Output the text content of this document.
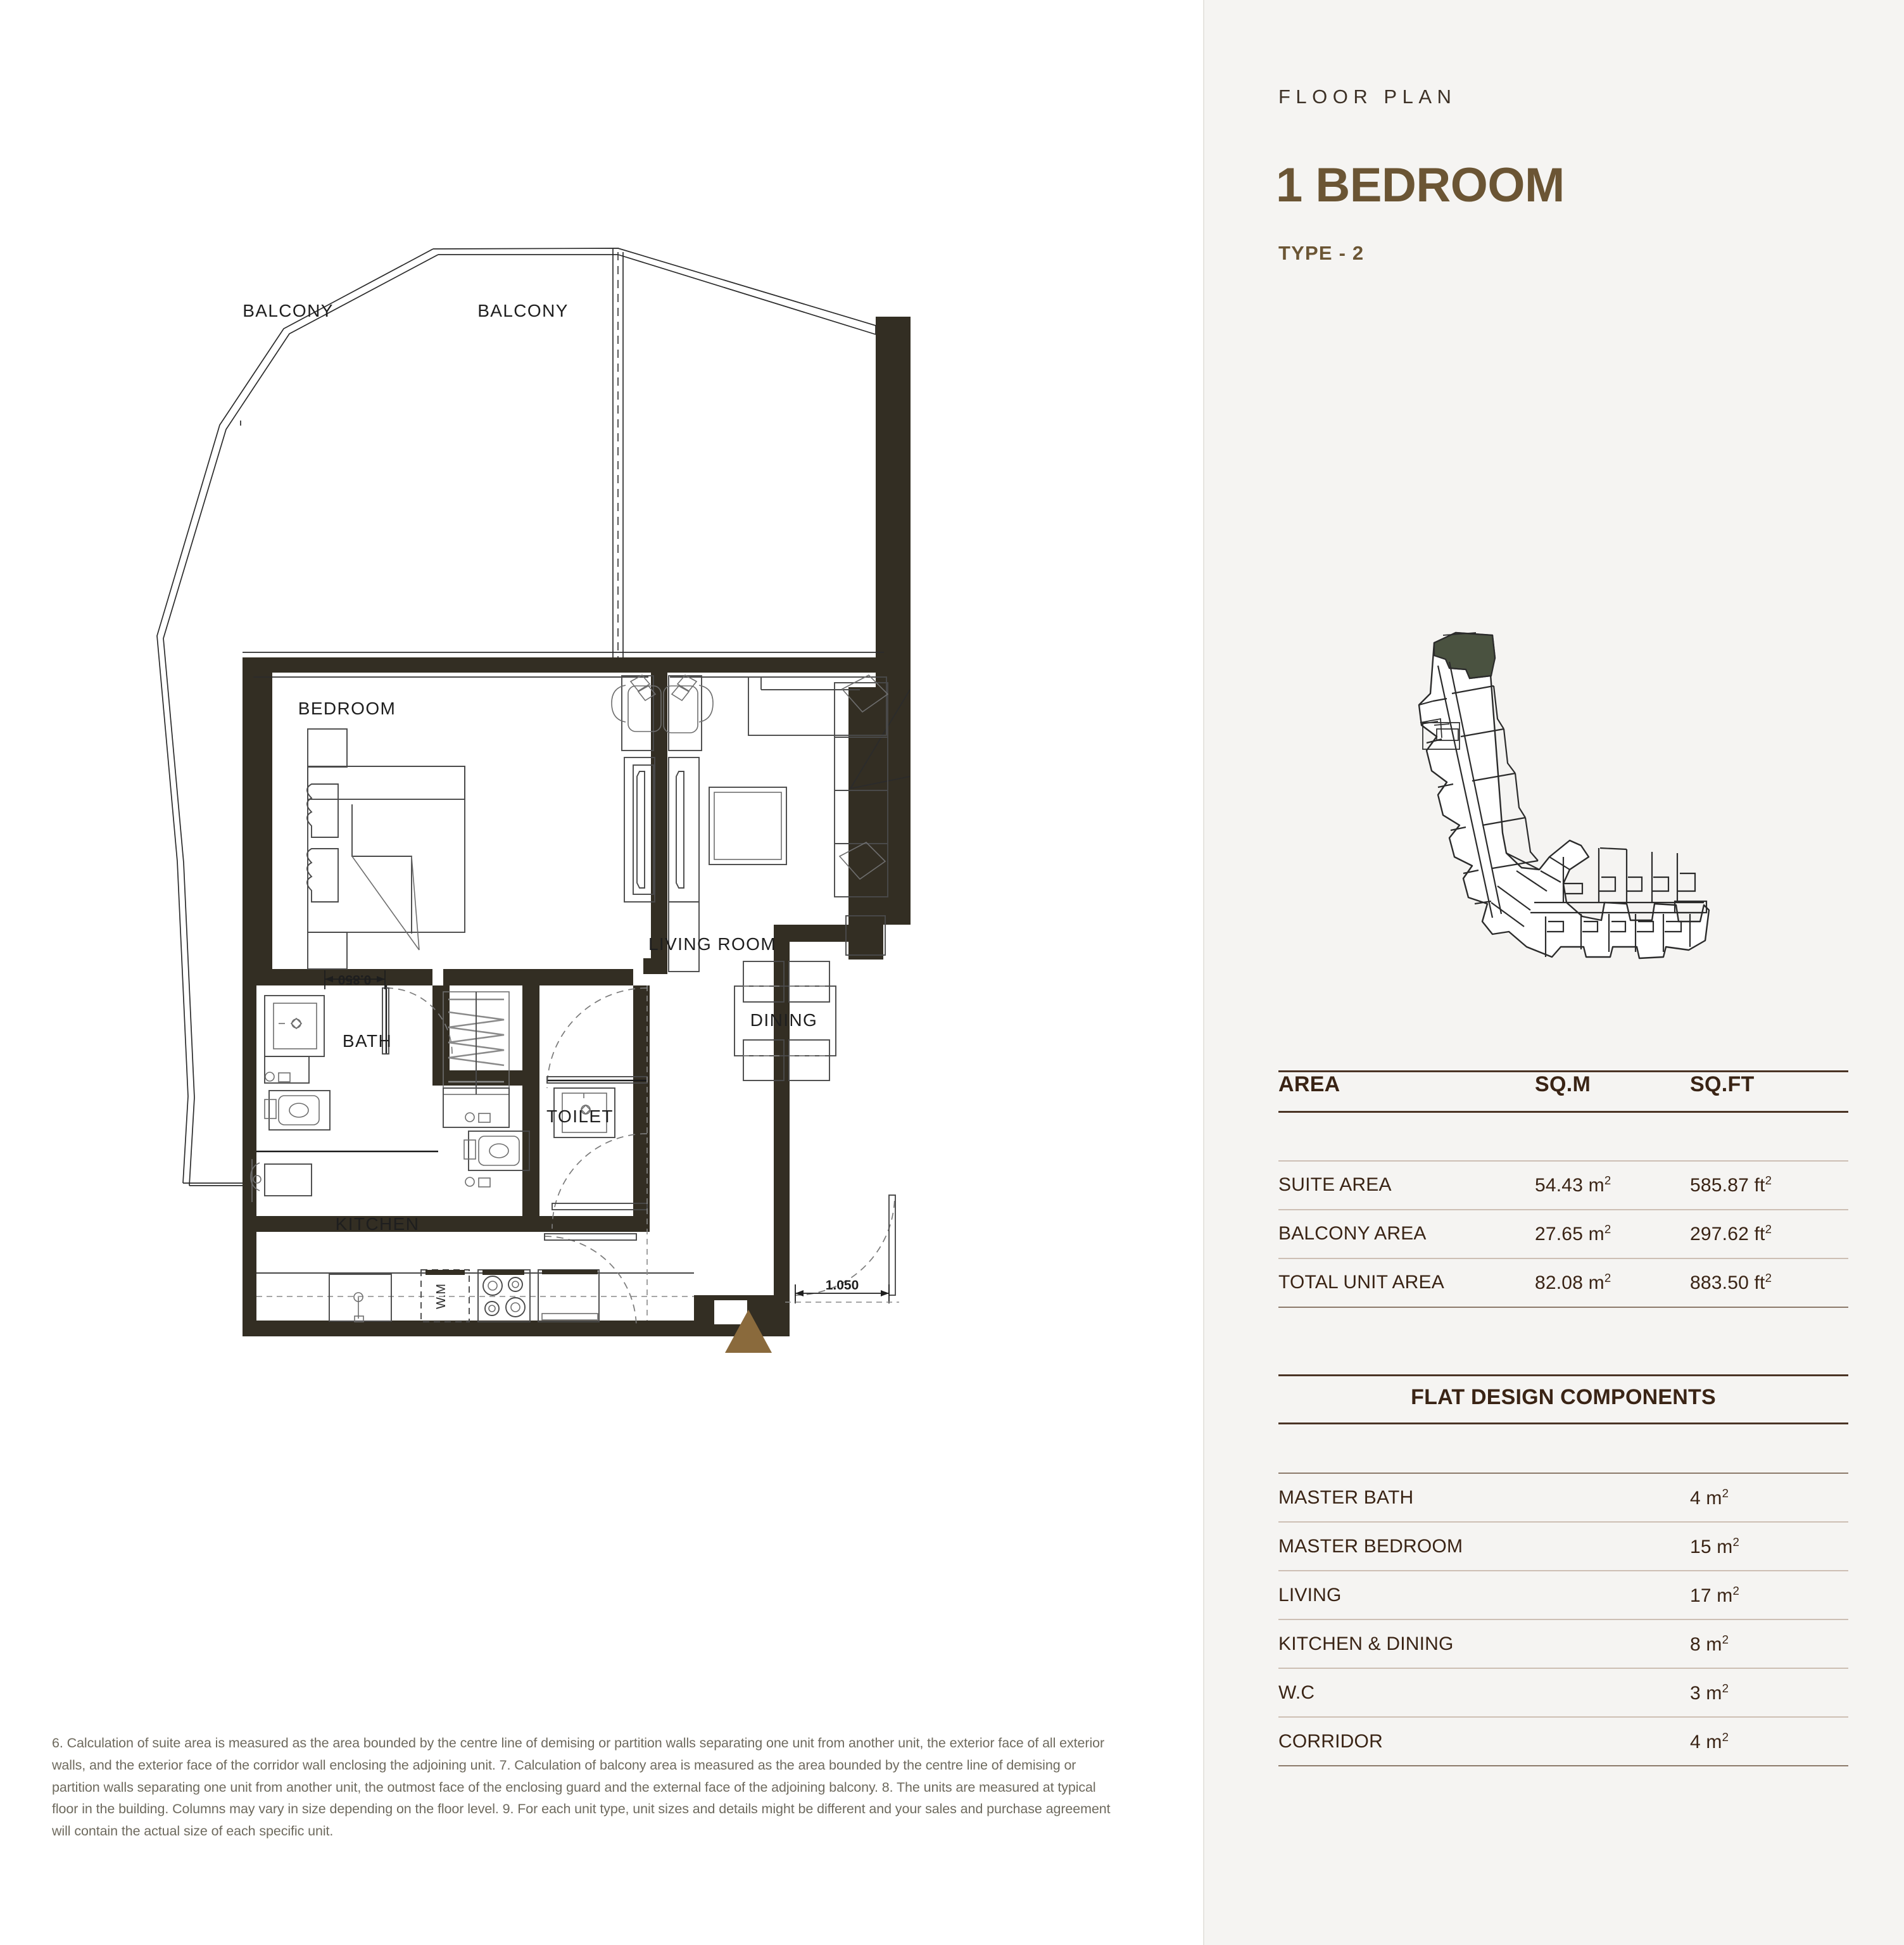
W.M
0.850
1.050
BALCONY	BALCONY
BEDROOM
LIVING ROOM
DINING
BATH
TOILET
KITCHEN
6. Calculation of suite area is measured as the area bounded by the centre line of demising or partition walls separating one unit from another unit, the exterior face of all exterior walls, and the exterior face of the corridor wall enclosing the adjoining unit. 7. Calculation of balcony area is measured as the area bounded by the centre line of demising or partition walls separating one unit from another unit, the outmost face of the enclosing guard and the external face of the adjoining balcony. 8. The units are measured at typical floor in the building. Columns may vary in size depending on the floor level. 9. For each unit type, unit sizes and details might be different and your sales and purchase agreement will contain the actual size of each specific unit.
FLOOR PLAN
1 BEDROOM
TYPE - 2
AREA	SQ.M	SQ.FT

SUITE AREA	54.43 $m^2$	585.87 $ft^2$
BALCONY AREA	27.65 $m^2$	297.62 $ft^2$
TOTAL UNIT AREA	82.08 $m^2$	883.50 $ft^2$
FLAT DESIGN COMPONENTS

MASTER BATH	4 $m^2$
MASTER BEDROOM	15 $m^2$
LIVING	17 $m^2$
KITCHEN & DINING	8 $m^2$
W.C	3 $m^2$
CORRIDOR	4 $m^2$
